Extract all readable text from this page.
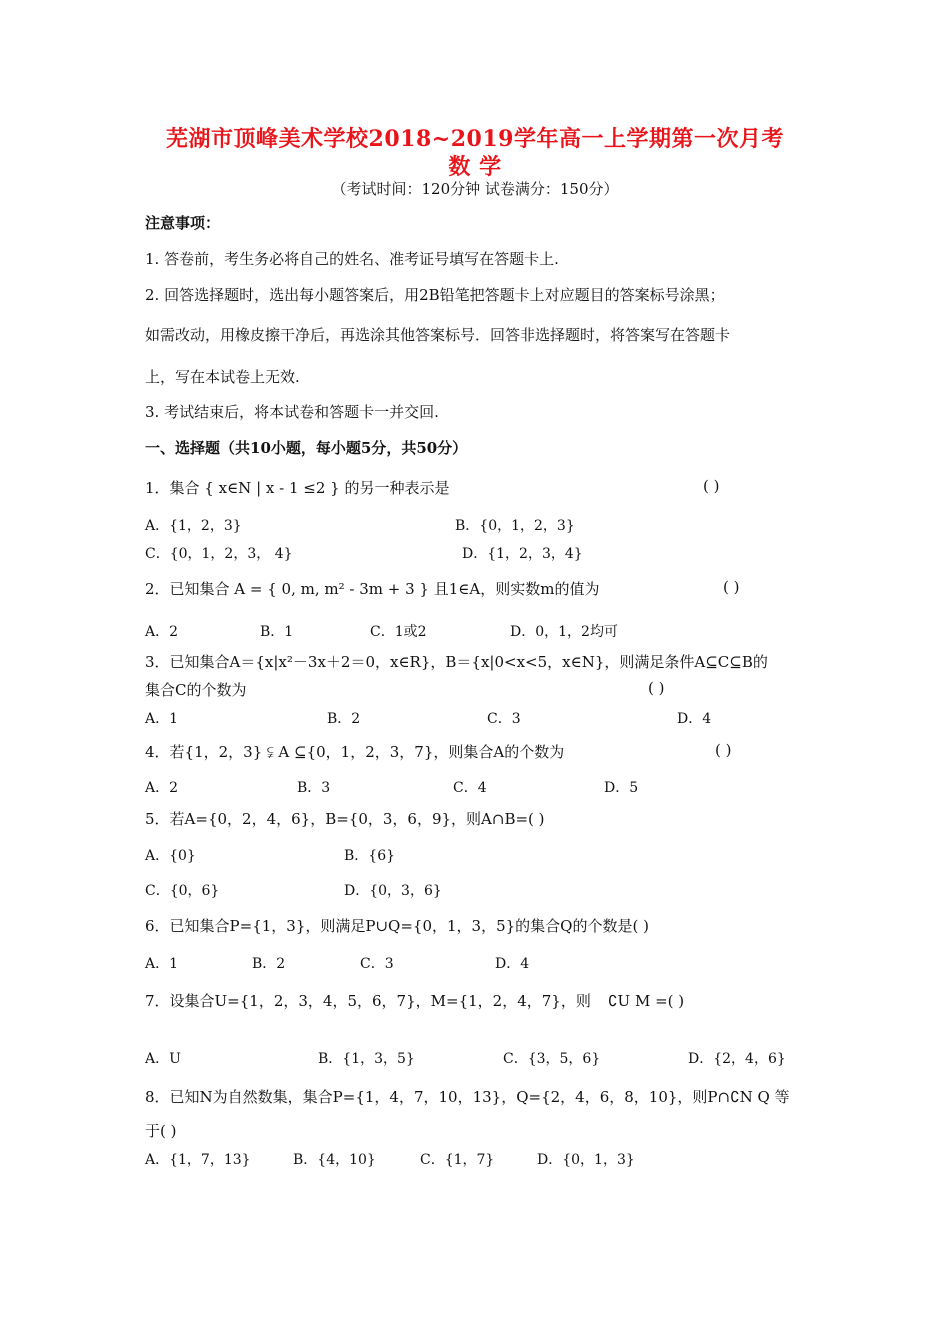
芜湖市顶峰美术学校2018~2019学年高一上学期第一次月考
数 学
（考试时间：120分钟 试卷满分：150分）
注意事项：
1. 答卷前，考生务必将自己的姓名、准考证号填写在答题卡上.
2. 回答选择题时，选出每小题答案后，用2B铅笔把答题卡上对应题目的答案标号涂黑；
如需改动，用橡皮擦干净后，再选涂其他答案标号．回答非选择题时，将答案写在答题卡
上，写在本试卷上无效.
3. 考试结束后，将本试卷和答题卡一并交回.
一、选择题（共10小题，每小题5分，共50分）
1．集合 { x∈N | x - 1 ≤2 } 的另一种表示是	( )
A．{1，2，3}	B．{0，1，2，3}
C．{0，1，2，3， 4}	D．{1，2，3，4}
2．已知集合 A = { 0, m, m² - 3m + 3 } 且1∈A，则实数m的值为	( )
A．2	B．1	C．1或2	D．0，1，2均可
3．已知集合A＝{x|x²－3x＋2＝0，x∈R}，B＝{x|0<x<5，x∈N}，则满足条件A⊆C⊆B的
集合C的个数为	( )
A．1	B．2	C．3	D．4
4．若{1，2，3} ⫋ A ⊆{0，1，2，3，7}，则集合A的个数为	( )
A．2	B．3	C．4	D．5
5．若A={0，2，4，6}，B={0，3，6，9}，则A∩B=( )
A．{0}	B．{6}
C．{0，6}	D．{0，3，6}
6．已知集合P={1，3}，则满足P∪Q={0，1，3，5}的集合Q的个数是( )
A．1	B．2	C．3	D．4
7．设集合U={1，2，3，4，5，6，7}，M={1，2，4，7}，则 ∁U M =( )
A．U	B．{1，3，5}	C．{3，5，6}	D．{2，4，6}
8．已知N为自然数集，集合P={1，4，7，10，13}，Q={2，4，6，8，10}，则P∩∁N Q 等
于( )
A．{1，7，13}	B．{4，10}	C．{1，7}	D．{0，1，3}
